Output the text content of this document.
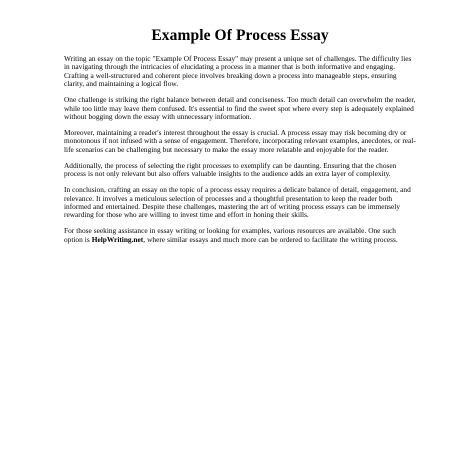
Example Of Process Essay

Writing an essay on the topic "Example Of Process Essay" may present a unique set of challenges. The difficulty lies in navigating through the intricacies of elucidating a process in a manner that is both informative and engaging. Crafting a well-structured and coherent piece involves breaking down a process into manageable steps, ensuring clarity, and maintaining a logical flow.

One challenge is striking the right balance between detail and conciseness. Too much detail can overwhelm the reader, while too little may leave them confused. It's essential to find the sweet spot where every step is adequately explained without bogging down the essay with unnecessary information.

Moreover, maintaining a reader's interest throughout the essay is crucial. A process essay may risk becoming dry or monotonous if not infused with a sense of engagement. Therefore, incorporating relevant examples, anecdotes, or real-life scenarios can be challenging but necessary to make the essay more relatable and enjoyable for the reader.

Additionally, the process of selecting the right processes to exemplify can be daunting. Ensuring that the chosen process is not only relevant but also offers valuable insights to the audience adds an extra layer of complexity.

In conclusion, crafting an essay on the topic of a process essay requires a delicate balance of detail, engagement, and relevance. It involves a meticulous selection of processes and a thoughtful presentation to keep the reader both informed and entertained. Despite these challenges, mastering the art of writing process essays can be immensely rewarding for those who are willing to invest time and effort in honing their skills.

For those seeking assistance in essay writing or looking for examples, various resources are available. One such option is HelpWriting.net, where similar essays and much more can be ordered to facilitate the writing process.
